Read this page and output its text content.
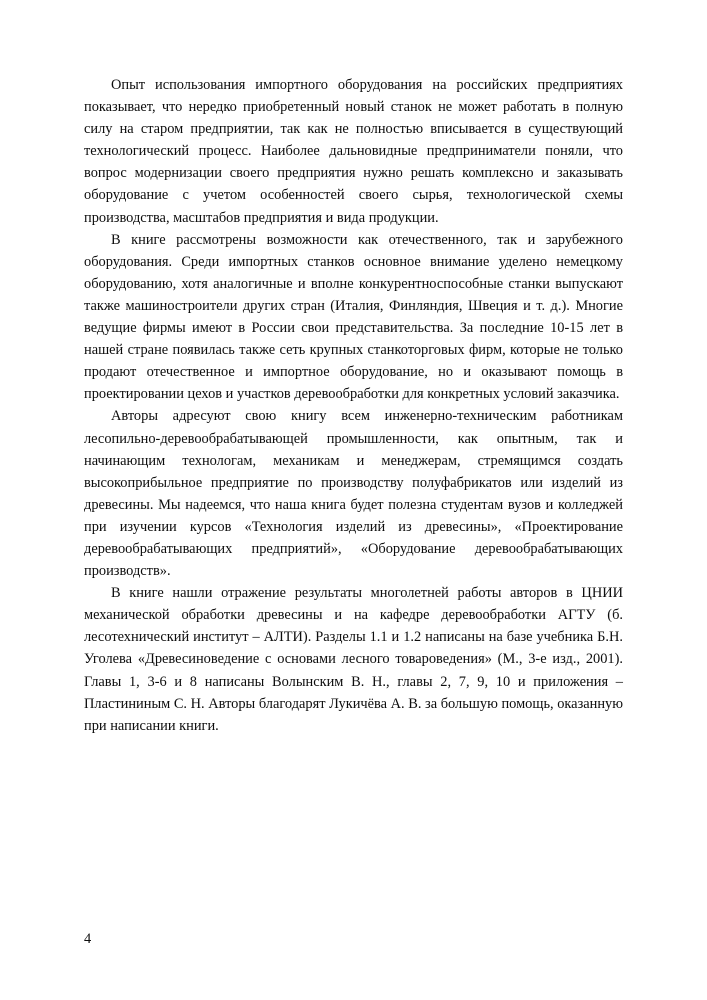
Опыт использования импортного оборудования на российских предприятиях показывает, что нередко приобретенный новый станок не может работать в полную силу на старом предприятии, так как не полностью вписывается в существующий технологический процесс. Наиболее дальновидные предприниматели поняли, что вопрос модернизации своего предприятия нужно решать комплексно и заказывать оборудование с учетом особенностей своего сырья, технологической схемы производства, масштабов предприятия и вида продукции.

В книге рассмотрены возможности как отечественного, так и зарубежного оборудования. Среди импортных станков основное внимание уделено немецкому оборудованию, хотя аналогичные и вполне конкурентноспособные станки выпускают также машиностроители других стран (Италия, Финляндия, Швеция и т. д.). Многие ведущие фирмы имеют в России свои представительства. За последние 10-15 лет в нашей стране появилась также сеть крупных станкоторговых фирм, которые не только продают отечественное и импортное оборудование, но и оказывают помощь в проектировании цехов и участков деревообработки для конкретных условий заказчика.

Авторы адресуют свою книгу всем инженерно-техническим работникам лесопильно-деревообрабатывающей промышленности, как опытным, так и начинающим технологам, механикам и менеджерам, стремящимся создать высокоприбыльное предприятие по производству полуфабрикатов или изделий из древесины. Мы надеемся, что наша книга будет полезна студентам вузов и колледжей при изучении курсов «Технология изделий из древесины», «Проектирование деревообрабатывающих предприятий», «Оборудование деревообрабатывающих производств».

В книге нашли отражение результаты многолетней работы авторов в ЦНИИ механической обработки древесины и на кафедре деревообработки АГТУ (б. лесотехнический институт – АЛТИ). Разделы 1.1 и 1.2 написаны на базе учебника Б.Н. Уголева «Древесиноведение с основами лесного товароведения» (М., 3-е изд., 2001). Главы 1, 3-6 и 8 написаны Волынским В. Н., главы 2, 7, 9, 10 и приложения – Пластининым С. Н. Авторы благодарят Лукичёва А. В. за большую помощь, оказанную при написании книги.

4
